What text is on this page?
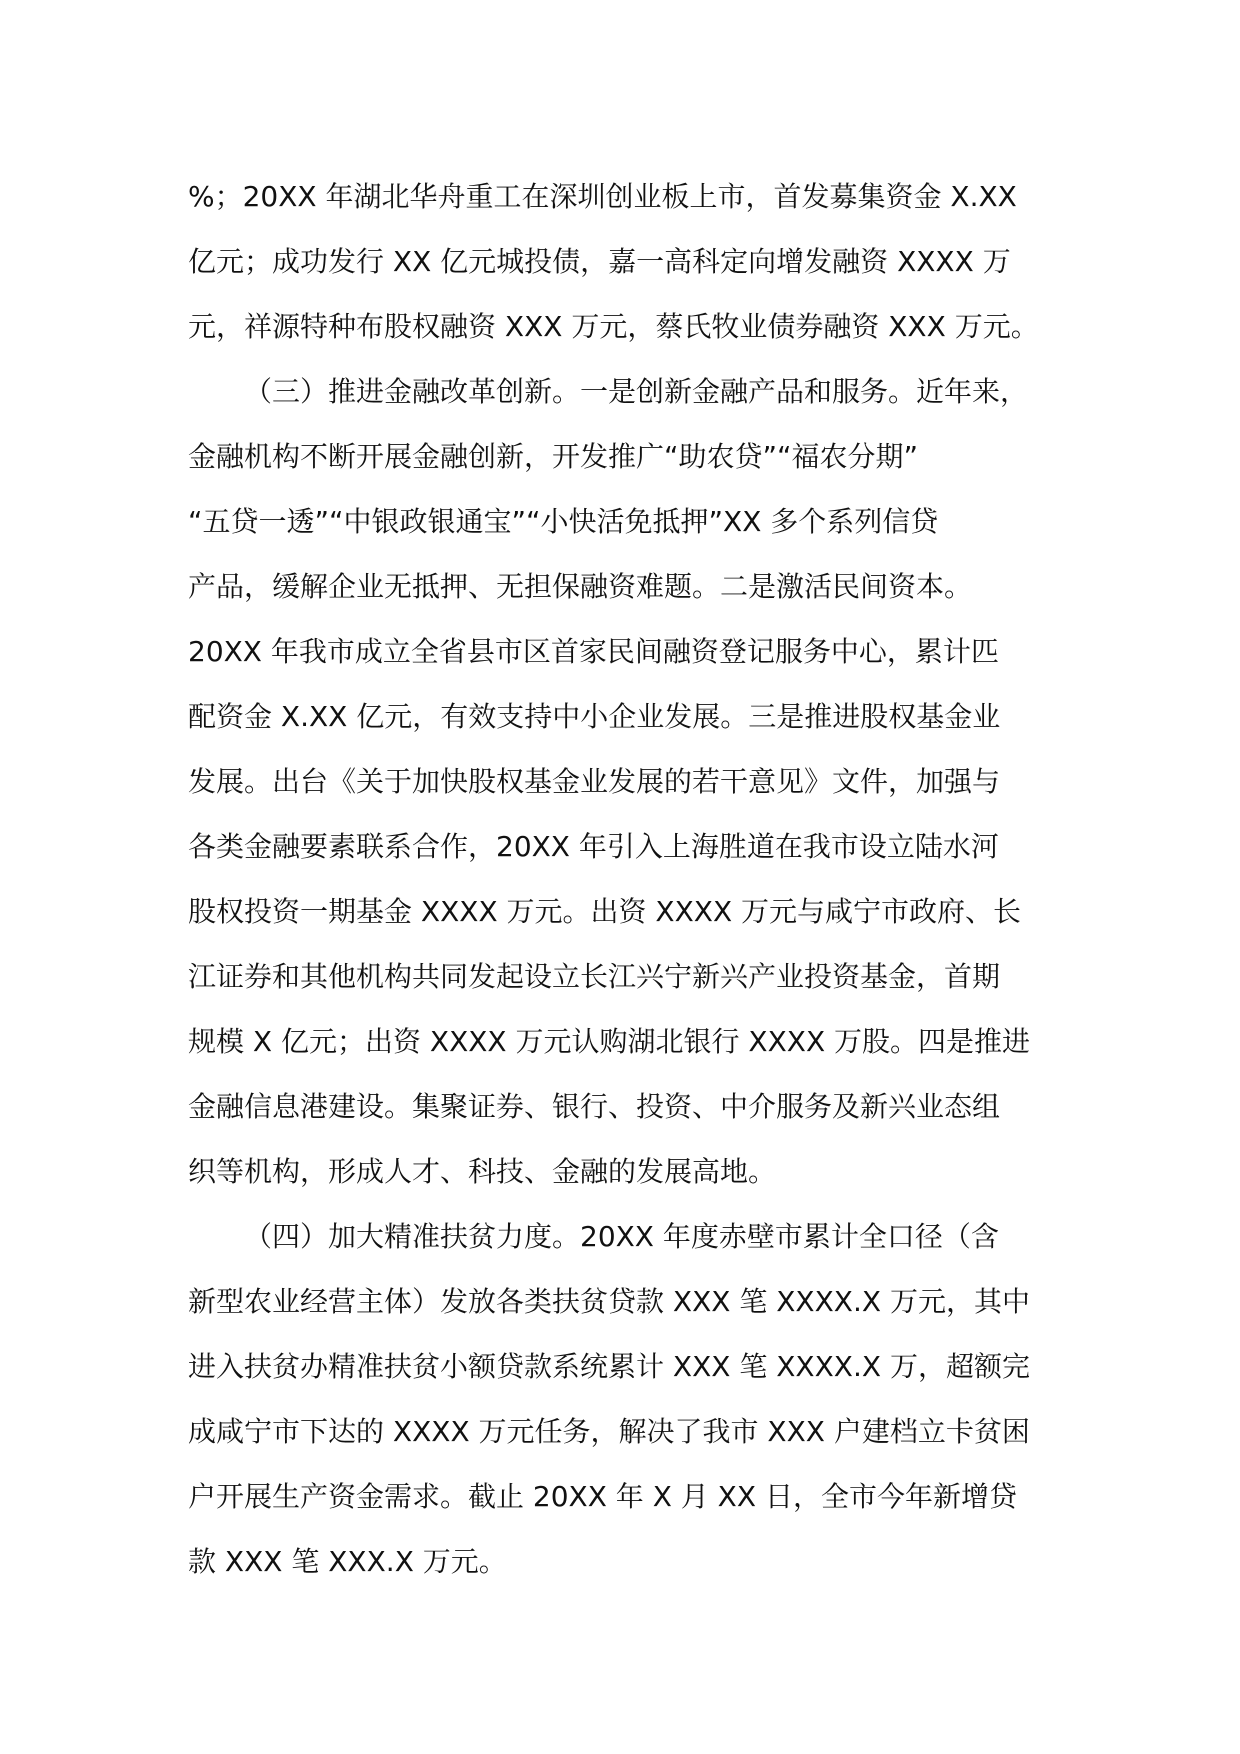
%；20XX 年湖北华舟重工在深圳创业板上市，首发募集资金 X.XX
亿元；成功发行 XX 亿元城投债，嘉一高科定向增发融资 XXXX 万
元，祥源特种布股权融资 XXX 万元，蔡氏牧业债券融资 XXX 万元。
（三）推进金融改革创新。一是创新金融产品和服务。近年来，
金融机构不断开展金融创新，开发推广“助农贷”“福农分期”
“五贷一透”“中银政银通宝”“小快活免抵押”XX 多个系列信贷
产品，缓解企业无抵押、无担保融资难题。二是激活民间资本。
20XX 年我市成立全省县市区首家民间融资登记服务中心，累计匹
配资金 X.XX 亿元，有效支持中小企业发展。三是推进股权基金业
发展。出台《关于加快股权基金业发展的若干意见》文件，加强与
各类金融要素联系合作，20XX 年引入上海胜道在我市设立陆水河
股权投资一期基金 XXXX 万元。出资 XXXX 万元与咸宁市政府、长
江证券和其他机构共同发起设立长江兴宁新兴产业投资基金，首期
规模 X 亿元；出资 XXXX 万元认购湖北银行 XXXX 万股。四是推进
金融信息港建设。集聚证券、银行、投资、中介服务及新兴业态组
织等机构，形成人才、科技、金融的发展高地。
（四）加大精准扶贫力度。20XX 年度赤壁市累计全口径（含
新型农业经营主体）发放各类扶贫贷款 XXX 笔 XXXX.X 万元，其中
进入扶贫办精准扶贫小额贷款系统累计 XXX 笔 XXXX.X 万，超额完
成咸宁市下达的 XXXX 万元任务，解决了我市 XXX 户建档立卡贫困
户开展生产资金需求。截止 20XX 年 X 月 XX 日，全市今年新增贷
款 XXX 笔 XXX.X 万元。
